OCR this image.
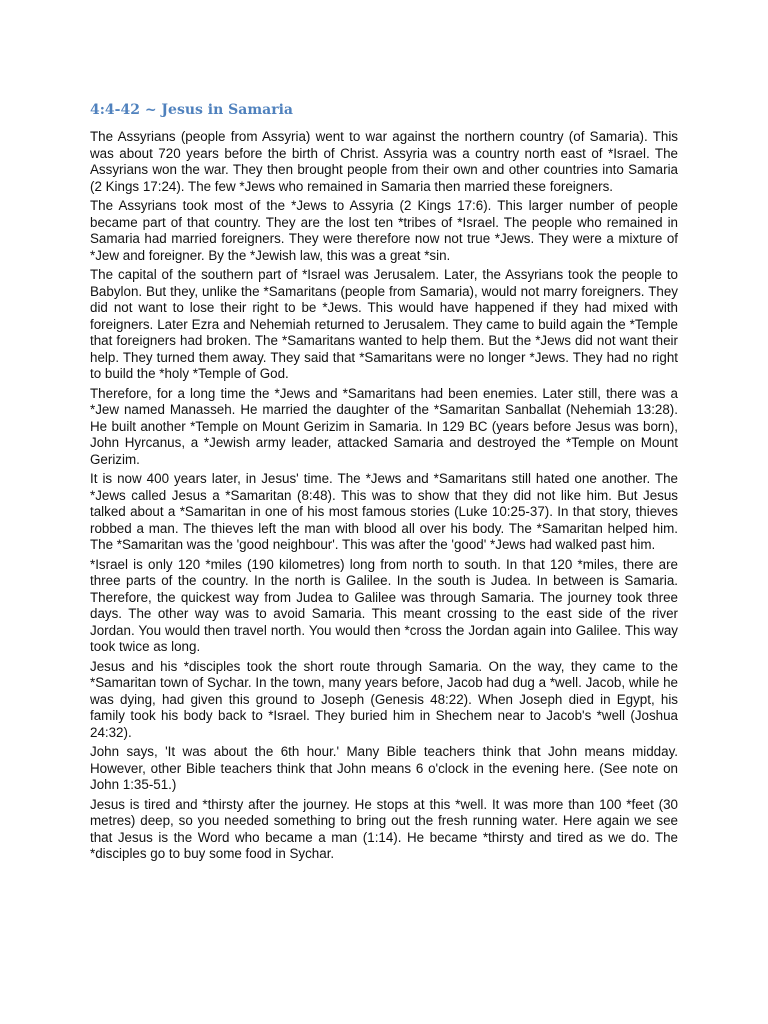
4:4-42 ~ Jesus in Samaria

The Assyrians (people from Assyria) went to war against the northern country (of Samaria). This was about 720 years before the birth of Christ. Assyria was a country north east of *Israel. The Assyrians won the war. They then brought people from their own and other countries into Samaria (2 Kings 17:24). The few *Jews who remained in Samaria then married these foreigners.

The Assyrians took most of the *Jews to Assyria (2 Kings 17:6). This larger number of people became part of that country. They are the lost ten *tribes of *Israel. The people who remained in Samaria had married foreigners. They were therefore now not true *Jews. They were a mixture of *Jew and foreigner. By the *Jewish law, this was a great *sin.

The capital of the southern part of *Israel was Jerusalem. Later, the Assyrians took the people to Babylon. But they, unlike the *Samaritans (people from Samaria), would not marry foreigners. They did not want to lose their right to be *Jews. This would have happened if they had mixed with foreigners. Later Ezra and Nehemiah returned to Jerusalem. They came to build again the *Temple that foreigners had broken. The *Samaritans wanted to help them. But the *Jews did not want their help. They turned them away. They said that *Samaritans were no longer *Jews. They had no right to build the *holy *Temple of God.

Therefore, for a long time the *Jews and *Samaritans had been enemies. Later still, there was a *Jew named Manasseh. He married the daughter of the *Samaritan Sanballat (Nehemiah 13:28). He built another *Temple on Mount Gerizim in Samaria. In 129 BC (years before Jesus was born), John Hyrcanus, a *Jewish army leader, attacked Samaria and destroyed the *Temple on Mount Gerizim.

It is now 400 years later, in Jesus' time. The *Jews and *Samaritans still hated one another. The *Jews called Jesus a *Samaritan (8:48). This was to show that they did not like him. But Jesus talked about a *Samaritan in one of his most famous stories (Luke 10:25-37). In that story, thieves robbed a man. The thieves left the man with blood all over his body. The *Samaritan helped him. The *Samaritan was the 'good neighbour'. This was after the 'good' *Jews had walked past him.

*Israel is only 120 *miles (190 kilometres) long from north to south. In that 120 *miles, there are three parts of the country. In the north is Galilee. In the south is Judea. In between is Samaria. Therefore, the quickest way from Judea to Galilee was through Samaria. The journey took three days. The other way was to avoid Samaria. This meant crossing to the east side of the river Jordan. You would then travel north. You would then *cross the Jordan again into Galilee. This way took twice as long.

Jesus and his *disciples took the short route through Samaria. On the way, they came to the *Samaritan town of Sychar. In the town, many years before, Jacob had dug a *well. Jacob, while he was dying, had given this ground to Joseph (Genesis 48:22). When Joseph died in Egypt, his family took his body back to *Israel. They buried him in Shechem near to Jacob's *well (Joshua 24:32).

John says, 'It was about the 6th hour.' Many Bible teachers think that John means midday. However, other Bible teachers think that John means 6 o'clock in the evening here. (See note on John 1:35-51.)

Jesus is tired and *thirsty after the journey. He stops at this *well. It was more than 100 *feet (30 metres) deep, so you needed something to bring out the fresh running water. Here again we see that Jesus is the Word who became a man (1:14). He became *thirsty and tired as we do. The *disciples go to buy some food in Sychar.
